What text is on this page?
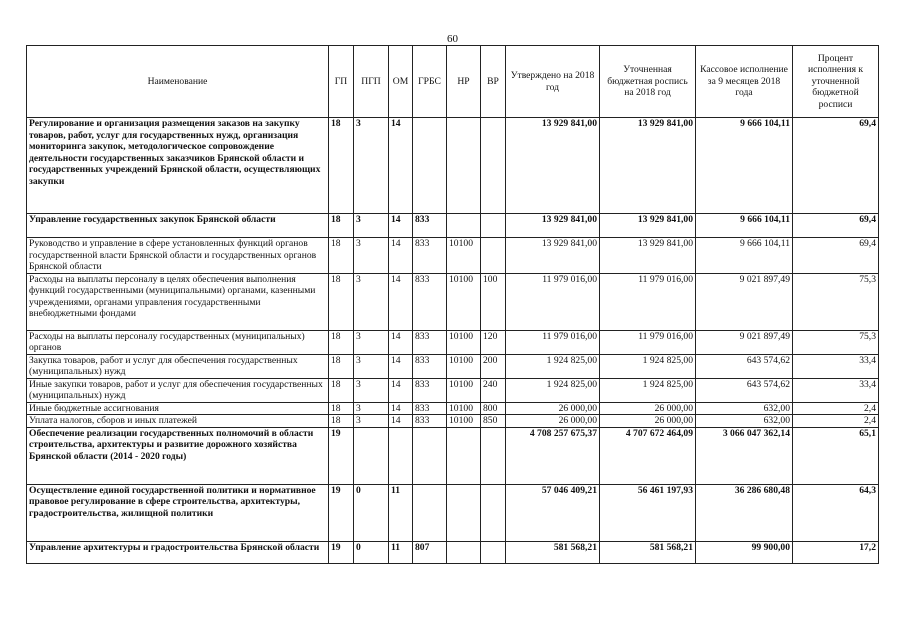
60
Наименование	ГП	ПГП	ОМ	ГРБС	НР	ВР	Утверждено на 2018 год	Уточненная бюджетная роспись на 2018 год	Кассовое исполнение за 9 месяцев 2018 года	Процент исполнения к уточненной бюджетной росписи
Регулирование и организация размещения заказов на закупку товаров, работ, услуг для государственных нужд, организация мониторинга закупок, методологическое сопровождение деятельности государственных заказчиков Брянской области и государственных учреждений Брянской области, осуществляющих закупки	18	3	14				13 929 841,00	13 929 841,00	9 666 104,11	69,4
Управление государственных закупок Брянской области	18	3	14	833			13 929 841,00	13 929 841,00	9 666 104,11	69,4
Руководство и управление в сфере установленных функций органов государственной власти Брянской области и государственных органов Брянской области	18	3	14	833	10100		13 929 841,00	13 929 841,00	9 666 104,11	69,4
Расходы на выплаты персоналу в целях обеспечения выполнения функций государственными (муниципальными) органами, казенными учреждениями, органами управления государственными внебюджетными фондами	18	3	14	833	10100	100	11 979 016,00	11 979 016,00	9 021 897,49	75,3
Расходы на выплаты персоналу государственных (муниципальных) органов	18	3	14	833	10100	120	11 979 016,00	11 979 016,00	9 021 897,49	75,3
Закупка товаров, работ и услуг для обеспечения государственных (муниципальных) нужд	18	3	14	833	10100	200	1 924 825,00	1 924 825,00	643 574,62	33,4
Иные закупки товаров, работ и услуг для обеспечения государственных (муниципальных) нужд	18	3	14	833	10100	240	1 924 825,00	1 924 825,00	643 574,62	33,4
Иные бюджетные ассигнования	18	3	14	833	10100	800	26 000,00	26 000,00	632,00	2,4
Уплата налогов, сборов и иных платежей	18	3	14	833	10100	850	26 000,00	26 000,00	632,00	2,4
Обеспечение реализации государственных полномочий в области строительства, архитектуры и развитие дорожного хозяйства Брянской области (2014 - 2020 годы)	19						4 708 257 675,37	4 707 672 464,09	3 066 047 362,14	65,1
Осуществление единой государственной политики и нормативное правовое регулирование в сфере строительства, архитектуры, градостроительства, жилищной политики	19	0	11				57 046 409,21	56 461 197,93	36 286 680,48	64,3
Управление архитектуры и градостроительства Брянской области	19	0	11	807			581 568,21	581 568,21	99 900,00	17,2
